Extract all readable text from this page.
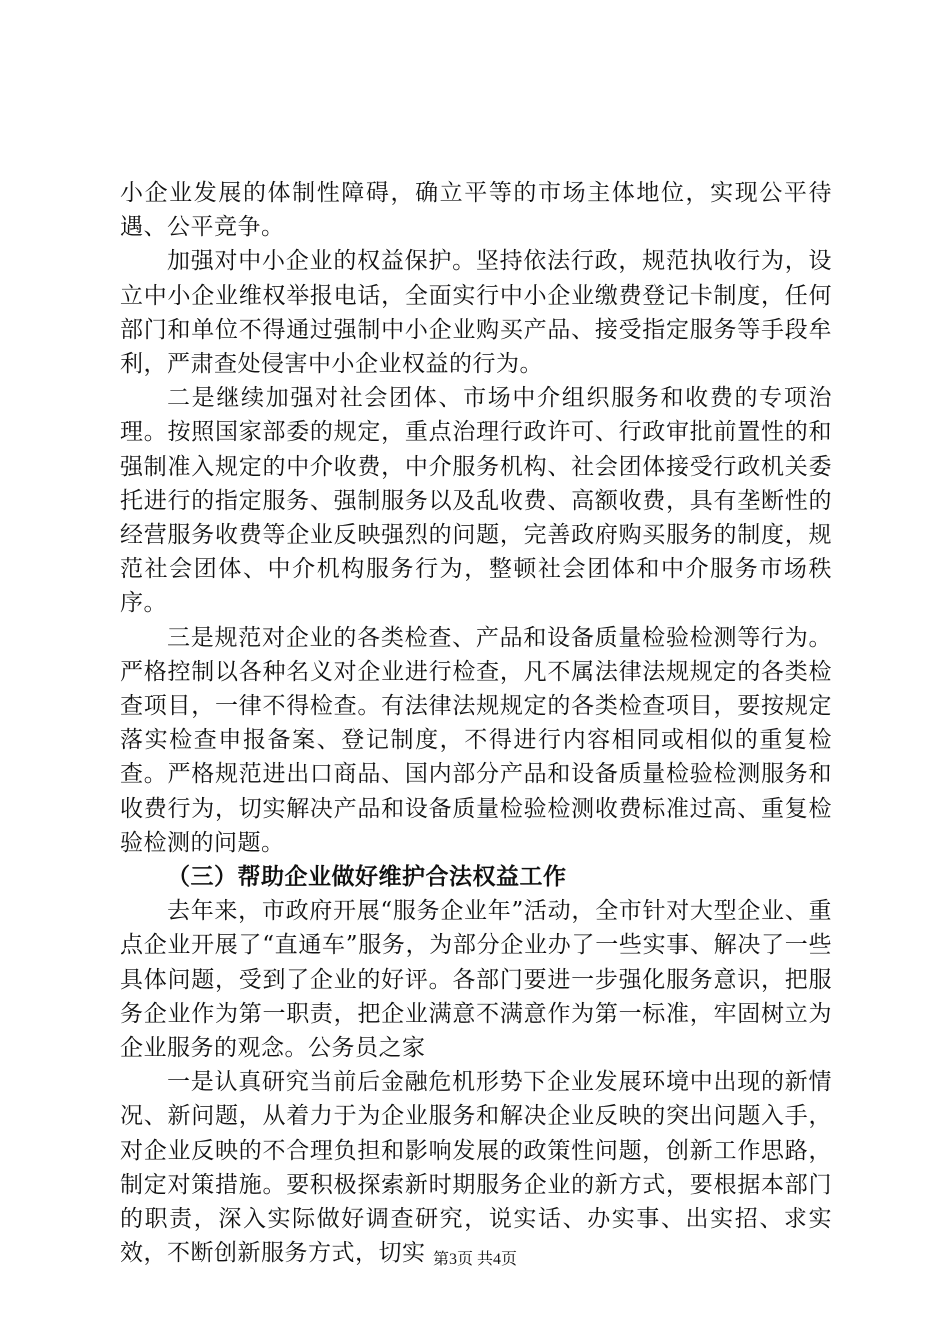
小企业发展的体制性障碍，确立平等的市场主体地位，实现公平待遇、公平竞争。

加强对中小企业的权益保护。坚持依法行政，规范执收行为，设立中小企业维权举报电话，全面实行中小企业缴费登记卡制度，任何部门和单位不得通过强制中小企业购买产品、接受指定服务等手段牟利，严肃查处侵害中小企业权益的行为。

二是继续加强对社会团体、市场中介组织服务和收费的专项治理。按照国家部委的规定，重点治理行政许可、行政审批前置性的和强制准入规定的中介收费，中介服务机构、社会团体接受行政机关委托进行的指定服务、强制服务以及乱收费、高额收费，具有垄断性的经营服务收费等企业反映强烈的问题，完善政府购买服务的制度，规范社会团体、中介机构服务行为，整顿社会团体和中介服务市场秩序。

三是规范对企业的各类检查、产品和设备质量检验检测等行为。严格控制以各种名义对企业进行检查，凡不属法律法规规定的各类检查项目，一律不得检查。有法律法规规定的各类检查项目，要按规定落实检查申报备案、登记制度，不得进行内容相同或相似的重复检查。严格规范进出口商品、国内部分产品和设备质量检验检测服务和收费行为，切实解决产品和设备质量检验检测收费标准过高、重复检验检测的问题。

（三）帮助企业做好维护合法权益工作

去年来，市政府开展“服务企业年”活动，全市针对大型企业、重点企业开展了“直通车”服务，为部分企业办了一些实事、解决了一些具体问题，受到了企业的好评。各部门要进一步强化服务意识，把服务企业作为第一职责，把企业满意不满意作为第一标准，牢固树立为企业服务的观念。公务员之家

一是认真研究当前后金融危机形势下企业发展环境中出现的新情况、新问题，从着力于为企业服务和解决企业反映的突出问题入手，对企业反映的不合理负担和影响发展的政策性问题，创新工作思路，制定对策措施。要积极探索新时期服务企业的新方式，要根据本部门的职责，深入实际做好调查研究，说实话、办实事、出实招、求实效，不断创新服务方式，切实 第3页 共4页
